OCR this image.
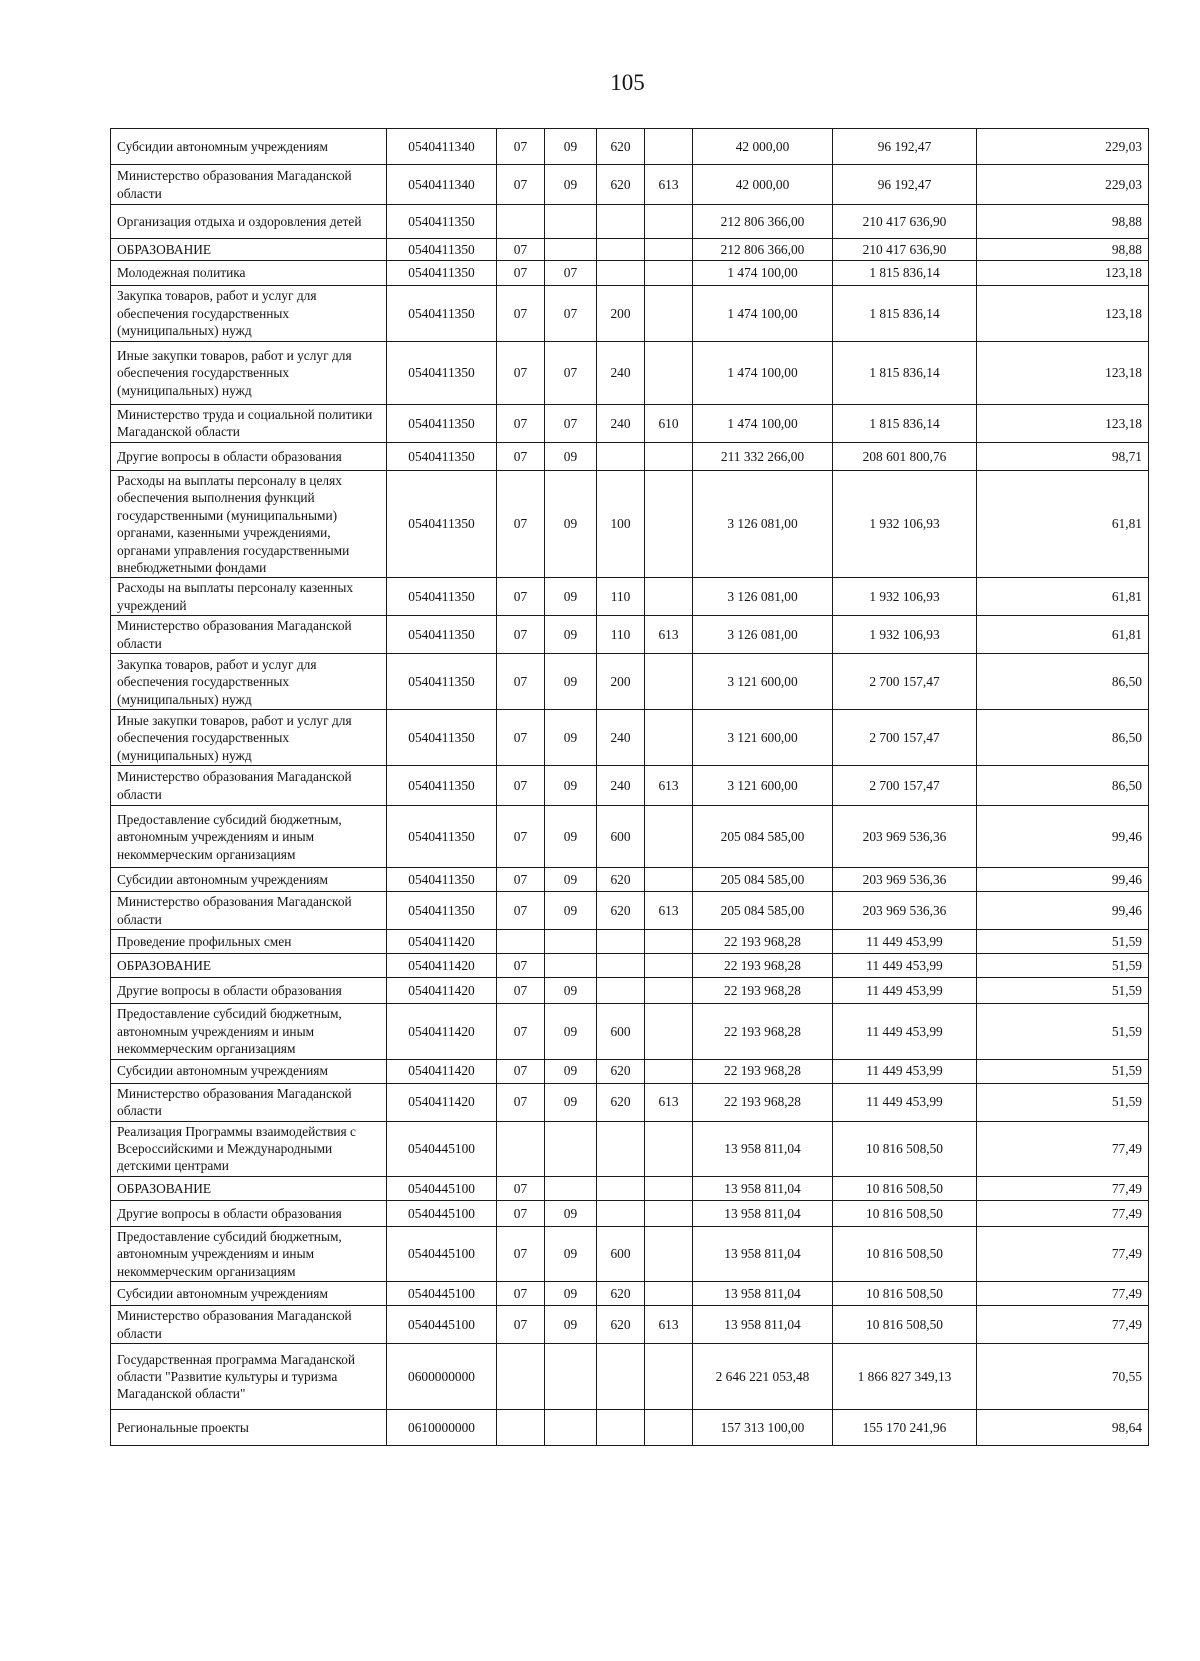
105
Субсидии автономным учреждениям	0540411340	07	09	620		42 000,00	96 192,47	229,03
Министерство образования Магаданской области	0540411340	07	09	620	613	42 000,00	96 192,47	229,03
Организация отдыха и оздоровления детей	0540411350					212 806 366,00	210 417 636,90	98,88
ОБРАЗОВАНИЕ	0540411350	07				212 806 366,00	210 417 636,90	98,88
Молодежная политика	0540411350	07	07			1 474 100,00	1 815 836,14	123,18
Закупка товаров, работ и услуг для обеспечения государственных (муниципальных) нужд	0540411350	07	07	200		1 474 100,00	1 815 836,14	123,18
Иные закупки товаров, работ и услуг для обеспечения государственных (муниципальных) нужд	0540411350	07	07	240		1 474 100,00	1 815 836,14	123,18
Министерство труда и социальной политики Магаданской области	0540411350	07	07	240	610	1 474 100,00	1 815 836,14	123,18
Другие вопросы в области образования	0540411350	07	09			211 332 266,00	208 601 800,76	98,71
Расходы на выплаты персоналу в целях обеспечения выполнения функций государственными (муниципальными) органами, казенными учреждениями, органами управления государственными внебюджетными фондами	0540411350	07	09	100		3 126 081,00	1 932 106,93	61,81
Расходы на выплаты персоналу казенных учреждений	0540411350	07	09	110		3 126 081,00	1 932 106,93	61,81
Министерство образования Магаданской области	0540411350	07	09	110	613	3 126 081,00	1 932 106,93	61,81
Закупка товаров, работ и услуг для обеспечения государственных (муниципальных) нужд	0540411350	07	09	200		3 121 600,00	2 700 157,47	86,50
Иные закупки товаров, работ и услуг для обеспечения государственных (муниципальных) нужд	0540411350	07	09	240		3 121 600,00	2 700 157,47	86,50
Министерство образования Магаданской области	0540411350	07	09	240	613	3 121 600,00	2 700 157,47	86,50
Предоставление субсидий бюджетным, автономным учреждениям и иным некоммерческим организациям	0540411350	07	09	600		205 084 585,00	203 969 536,36	99,46
Субсидии автономным учреждениям	0540411350	07	09	620		205 084 585,00	203 969 536,36	99,46
Министерство образования Магаданской области	0540411350	07	09	620	613	205 084 585,00	203 969 536,36	99,46
Проведение профильных смен	0540411420					22 193 968,28	11 449 453,99	51,59
ОБРАЗОВАНИЕ	0540411420	07				22 193 968,28	11 449 453,99	51,59
Другие вопросы в области образования	0540411420	07	09			22 193 968,28	11 449 453,99	51,59
Предоставление субсидий бюджетным, автономным учреждениям и иным некоммерческим организациям	0540411420	07	09	600		22 193 968,28	11 449 453,99	51,59
Субсидии автономным учреждениям	0540411420	07	09	620		22 193 968,28	11 449 453,99	51,59
Министерство образования Магаданской области	0540411420	07	09	620	613	22 193 968,28	11 449 453,99	51,59
Реализация Программы взаимодействия с Всероссийскими и Международными детскими центрами	0540445100					13 958 811,04	10 816 508,50	77,49
ОБРАЗОВАНИЕ	0540445100	07				13 958 811,04	10 816 508,50	77,49
Другие вопросы в области образования	0540445100	07	09			13 958 811,04	10 816 508,50	77,49
Предоставление субсидий бюджетным, автономным учреждениям и иным некоммерческим организациям	0540445100	07	09	600		13 958 811,04	10 816 508,50	77,49
Субсидии автономным учреждениям	0540445100	07	09	620		13 958 811,04	10 816 508,50	77,49
Министерство образования Магаданской области	0540445100	07	09	620	613	13 958 811,04	10 816 508,50	77,49
Государственная программа Магаданской области "Развитие культуры и туризма Магаданской области"	0600000000					2 646 221 053,48	1 866 827 349,13	70,55
Региональные проекты	0610000000					157 313 100,00	155 170 241,96	98,64
